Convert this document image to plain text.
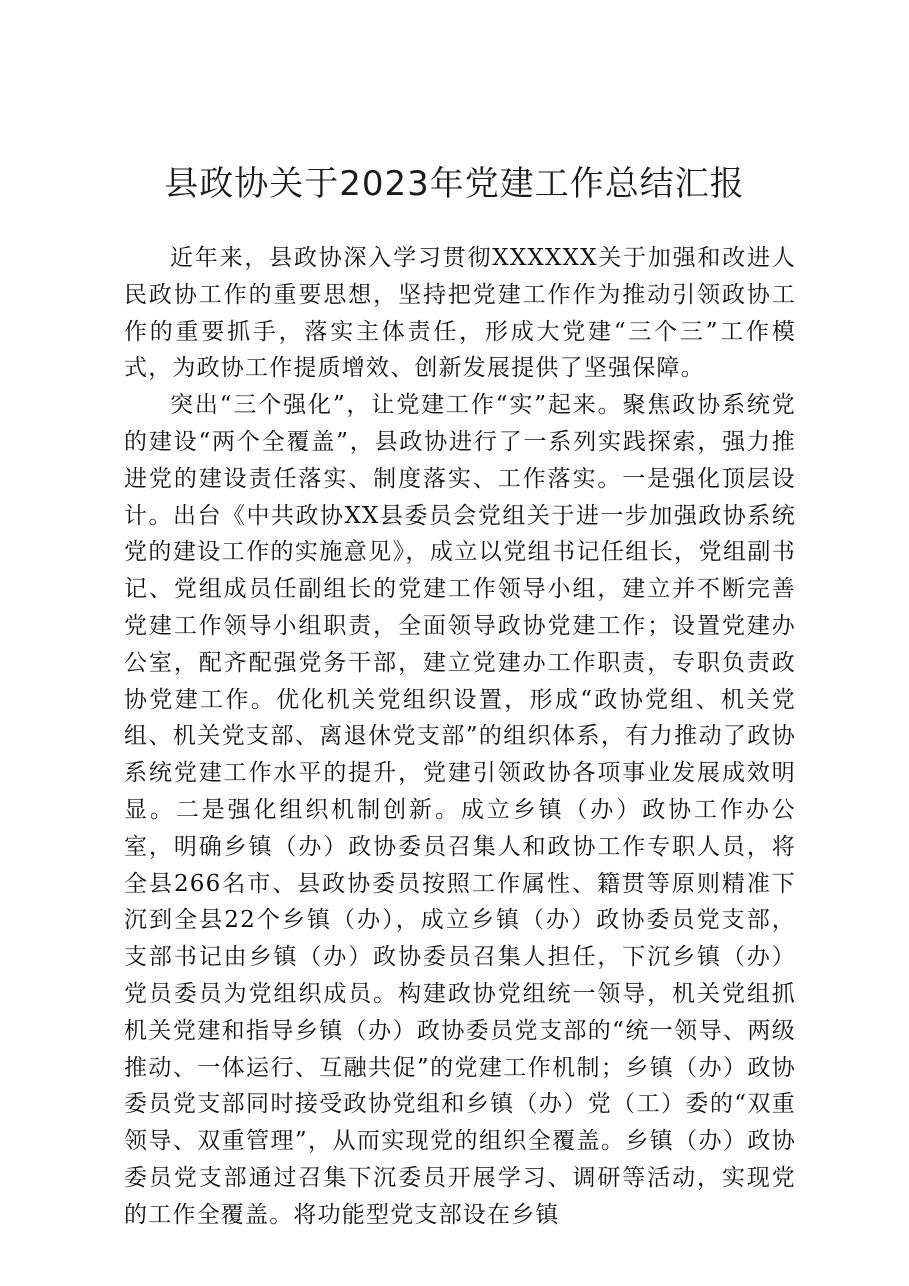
县政协关于2023年党建工作总结汇报

近年来，县政协深入学习贯彻XXXXXX关于加强和改进人民政协工作的重要思想，坚持把党建工作作为推动引领政协工作的重要抓手，落实主体责任，形成大党建“三个三”工作模式，为政协工作提质增效、创新发展提供了坚强保障。

突出“三个强化”，让党建工作“实”起来。聚焦政协系统党的建设“两个全覆盖”，县政协进行了一系列实践探索，强力推进党的建设责任落实、制度落实、工作落实。一是强化顶层设计。出台《中共政协XX县委员会党组关于进一步加强政协系统党的建设工作的实施意见》，成立以党组书记任组长，党组副书记、党组成员任副组长的党建工作领导小组，建立并不断完善党建工作领导小组职责，全面领导政协党建工作；设置党建办公室，配齐配强党务干部，建立党建办工作职责，专职负责政协党建工作。优化机关党组织设置，形成“政协党组、机关党组、机关党支部、离退休党支部”的组织体系，有力推动了政协系统党建工作水平的提升，党建引领政协各项事业发展成效明显。二是强化组织机制创新。成立乡镇（办）政协工作办公室，明确乡镇（办）政协委员召集人和政协工作专职人员，将全县266名市、县政协委员按照工作属性、籍贯等原则精准下沉到全县22个乡镇（办），成立乡镇（办）政协委员党支部，支部书记由乡镇（办）政协委员召集人担任，下沉乡镇（办）党员委员为党组织成员。构建政协党组统一领导，机关党组抓机关党建和指导乡镇（办）政协委员党支部的“统一领导、两级推动、一体运行、互融共促”的党建工作机制；乡镇（办）政协委员党支部同时接受政协党组和乡镇（办）党（工）委的“双重领导、双重管理”，从而实现党的组织全覆盖。乡镇（办）政协委员党支部通过召集下沉委员开展学习、调研等活动，实现党的工作全覆盖。将功能型党支部设在乡镇
